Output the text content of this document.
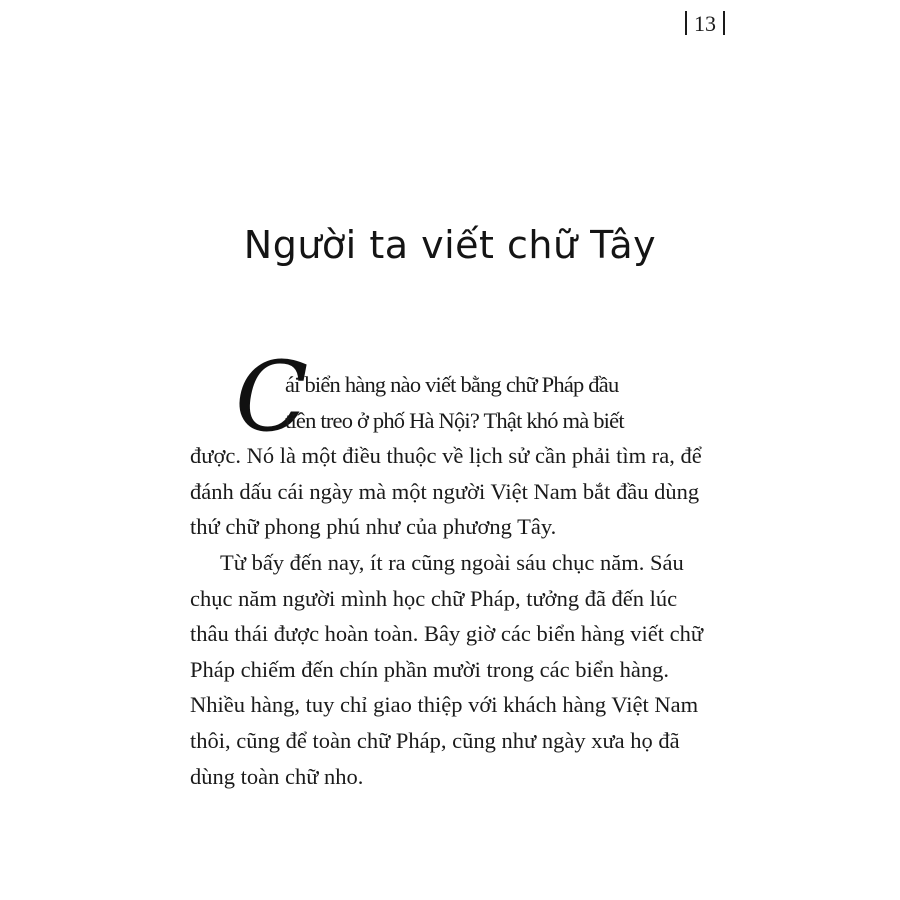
13
Người ta viết chữ Tây
C

ái biển hàng nào viết bằng chữ Pháp đầu
tiên treo ở phố Hà Nội? Thật khó mà biết
được. Nó là một điều thuộc về lịch sử cần phải tìm ra, để
đánh dấu cái ngày mà một người Việt Nam bắt đầu dùng
thứ chữ phong phú như của phương Tây.

Từ bấy đến nay, ít ra cũng ngoài sáu chục năm. Sáu
chục năm người mình học chữ Pháp, tưởng đã đến lúc
thâu thái được hoàn toàn. Bây giờ các biển hàng viết chữ
Pháp chiếm đến chín phần mười trong các biển hàng.
Nhiều hàng, tuy chỉ giao thiệp với khách hàng Việt Nam
thôi, cũng để toàn chữ Pháp, cũng như ngày xưa họ đã
dùng toàn chữ nho.
